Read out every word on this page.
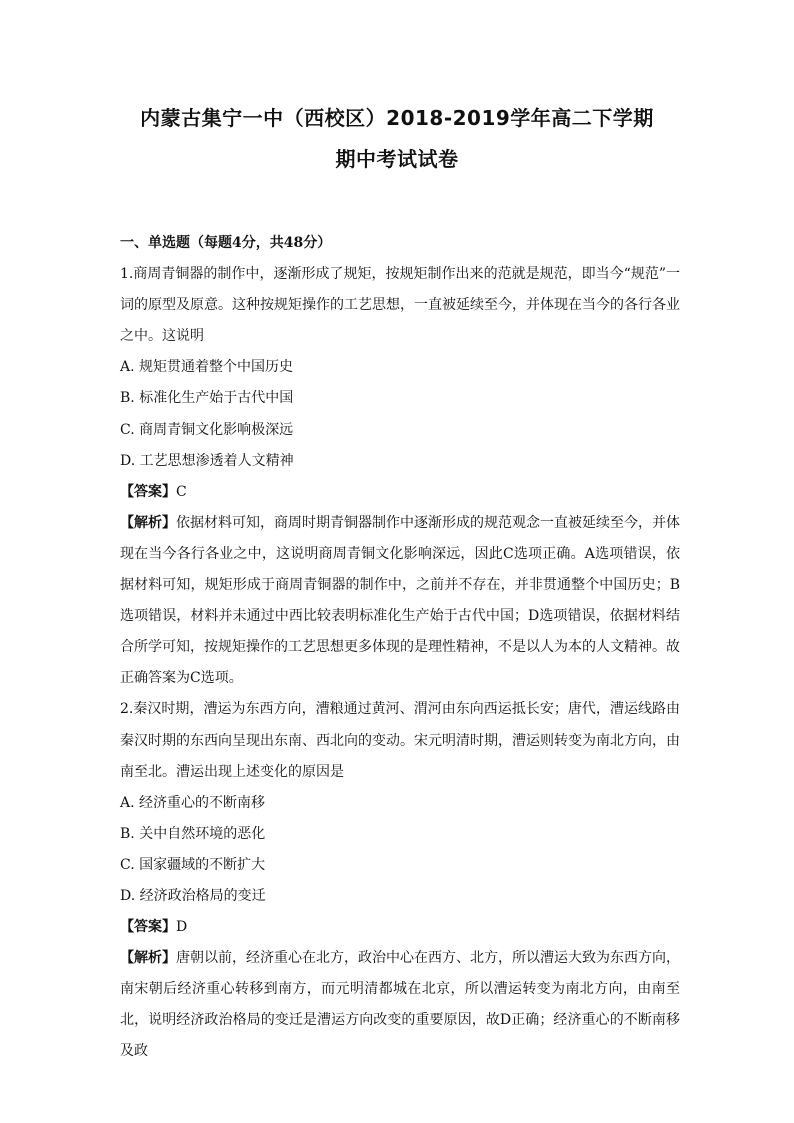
内蒙古集宁一中（西校区）2018-2019学年高二下学期
期中考试试卷

一、单选题（每题4分，共48分）

1.商周青铜器的制作中，逐渐形成了规矩，按规矩制作出来的范就是规范，即当今“规范”一词的原型及原意。这种按规矩操作的工艺思想，一直被延续至今，并体现在当今的各行各业之中。这说明

A. 规矩贯通着整个中国历史

B. 标准化生产始于古代中国

C. 商周青铜文化影响极深远

D. 工艺思想渗透着人文精神

【答案】C

【解析】依据材料可知，商周时期青铜器制作中逐渐形成的规范观念一直被延续至今，并体现在当今各行各业之中，这说明商周青铜文化影响深远，因此C选项正确。A选项错误，依据材料可知，规矩形成于商周青铜器的制作中，之前并不存在，并非贯通整个中国历史；B选项错误，材料并未通过中西比较表明标准化生产始于古代中国；D选项错误，依据材料结合所学可知，按规矩操作的工艺思想更多体现的是理性精神，不是以人为本的人文精神。故正确答案为C选项。

2.秦汉时期，漕运为东西方向，漕粮通过黄河、渭河由东向西运抵长安；唐代，漕运线路由秦汉时期的东西向呈现出东南、西北向的变动。宋元明清时期，漕运则转变为南北方向，由南至北。漕运出现上述变化的原因是

A. 经济重心的不断南移

B. 关中自然环境的恶化

C. 国家疆域的不断扩大

D. 经济政治格局的变迁

【答案】D

【解析】唐朝以前，经济重心在北方，政治中心在西方、北方，所以漕运大致为东西方向，南宋朝后经济重心转移到南方，而元明清都城在北京，所以漕运转变为南北方向，由南至北，说明经济政治格局的变迁是漕运方向改变的重要原因，故D正确；经济重心的不断南移及政
